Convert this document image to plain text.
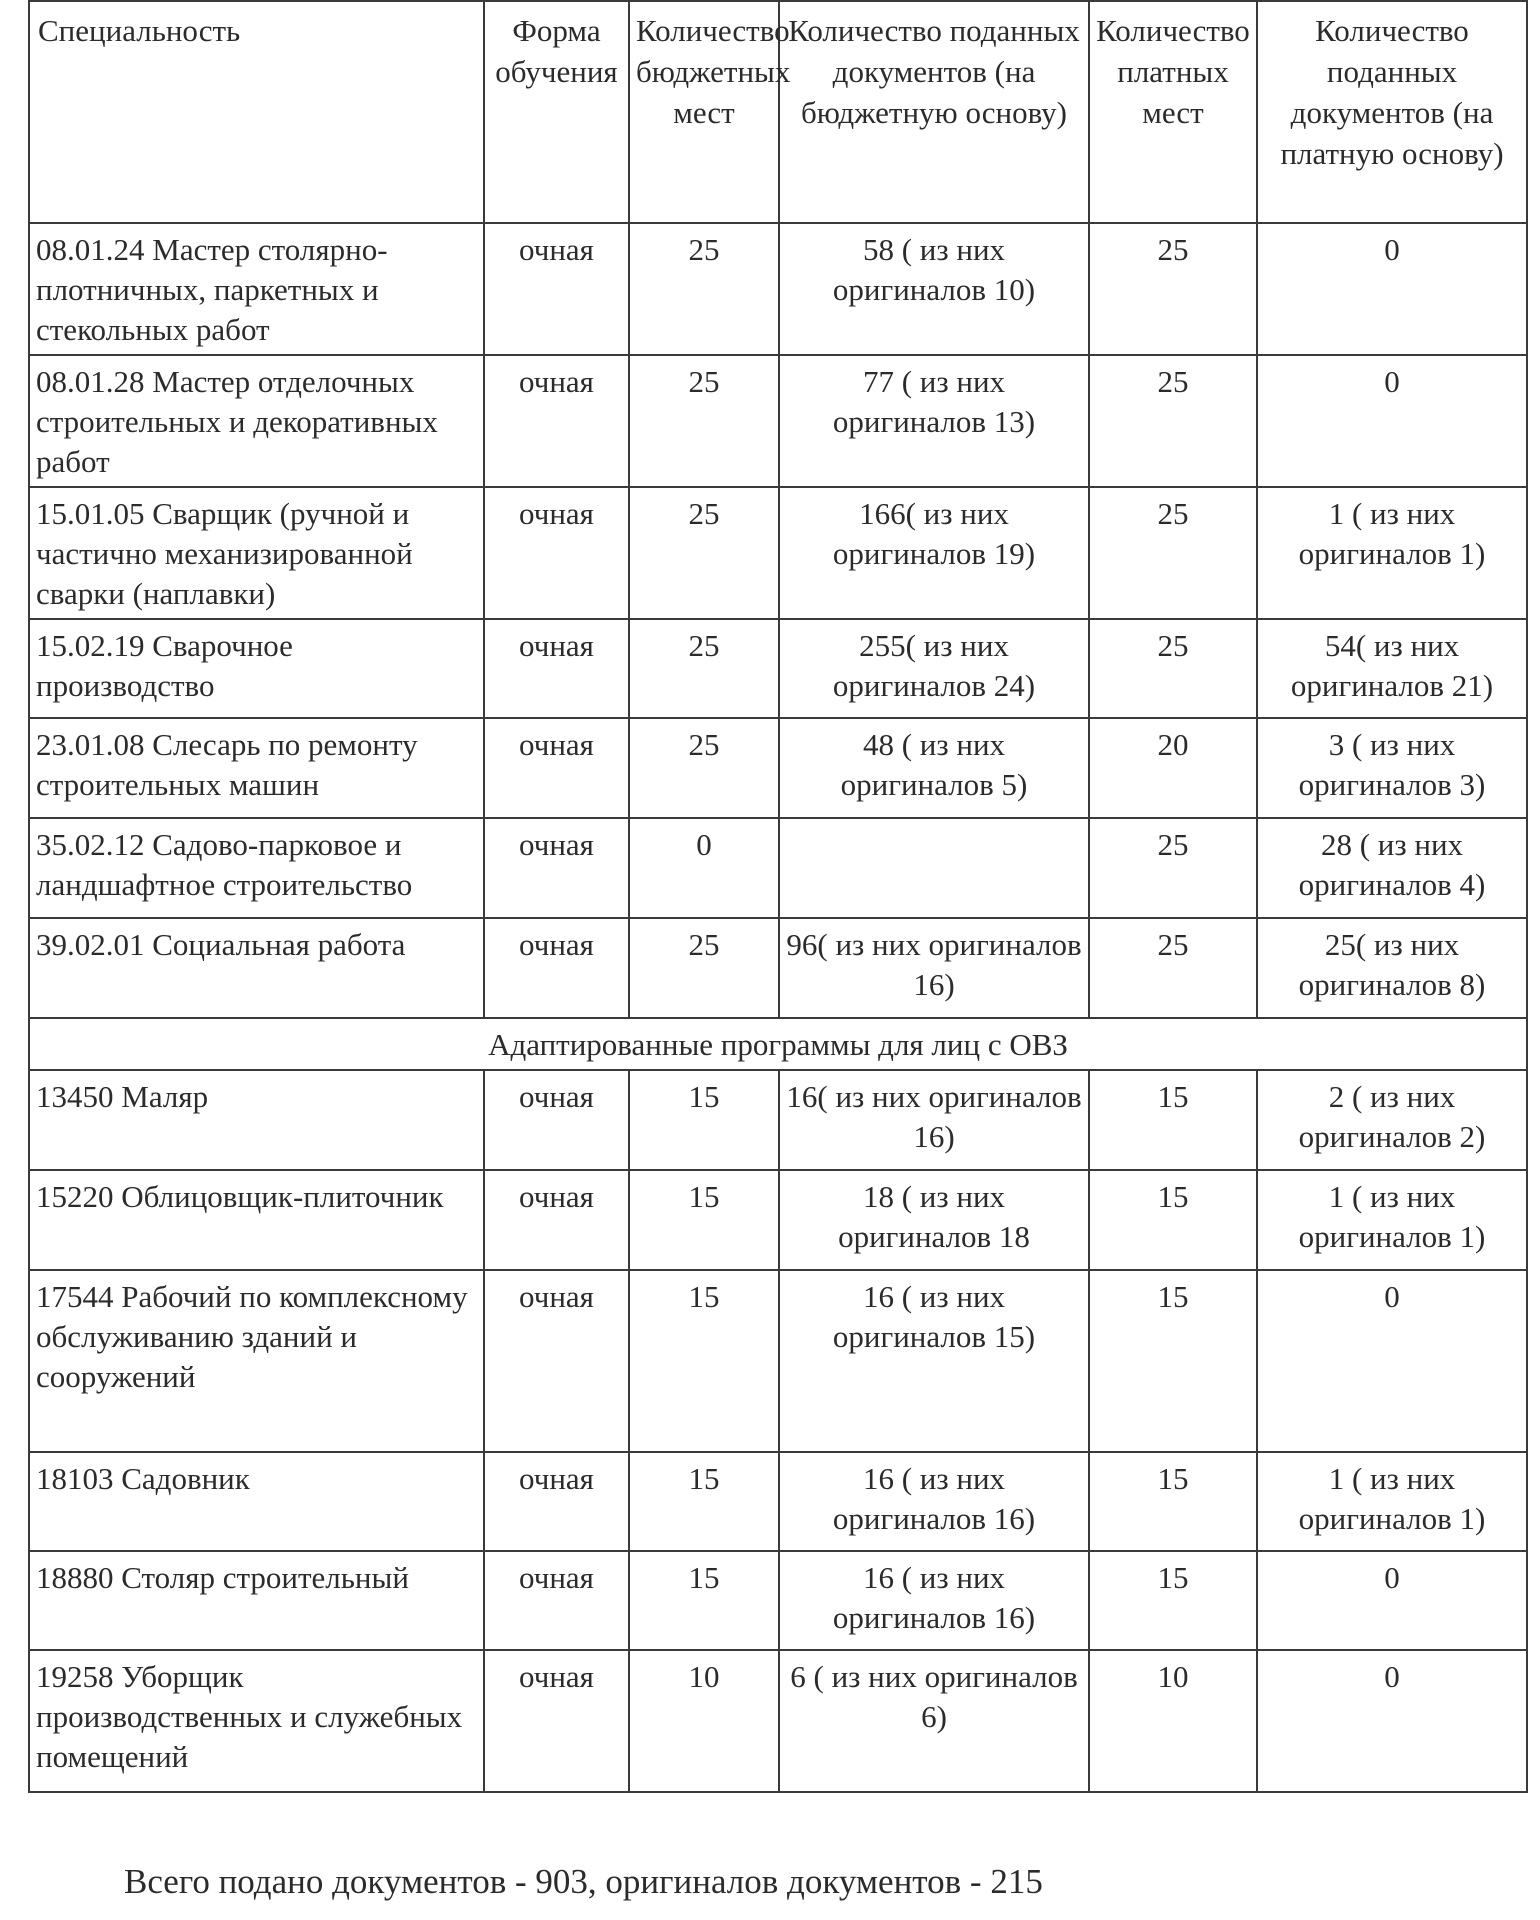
Специальность	Форма обучения	Количество бюджетных мест	Количество поданных документов (на бюджетную основу)	Количество платных мест	Количество поданных документов (на платную основу)
08.01.24 Мастер столярно-плотничных, паркетных и стекольных работ	очная	25	58 ( из них оригиналов 10)	25	0
08.01.28 Мастер отделочных строительных и декоративных работ	очная	25	77 ( из них оригиналов 13)	25	0
15.01.05 Сварщик (ручной и частично механизированной сварки (наплавки)	очная	25	166( из них оригиналов 19)	25	1 ( из них оригиналов 1)
15.02.19 Сварочное производство	очная	25	255( из них оригиналов 24)	25	54( из них оригиналов 21)
23.01.08 Слесарь по ремонту строительных машин	очная	25	48 ( из них оригиналов 5)	20	3 ( из них оригиналов 3)
35.02.12 Садово-парковое и ландшафтное строительство	очная	0		25	28 ( из них оригиналов 4)
39.02.01 Социальная работа	очная	25	96( из них оригиналов 16)	25	25( из них оригиналов 8)
Адаптированные программы для лиц с ОВЗ					
13450 Маляр	очная	15	16( из них оригиналов 16)	15	2 ( из них оригиналов 2)
15220 Облицовщик-плиточник	очная	15	18 ( из них оригиналов 18	15	1 ( из них оригиналов 1)
17544 Рабочий по комплексному обслуживанию зданий и сооружений	очная	15	16 ( из них оригиналов 15)	15	0
18103 Садовник	очная	15	16 ( из них оригиналов 16)	15	1 ( из них оригиналов 1)
18880 Столяр строительный	очная	15	16 ( из них оригиналов 16)	15	0
19258 Уборщик производственных и служебных помещений	очная	10	6 ( из них оригиналов 6)	10	0
Всего подано документов - 903, оригиналов документов - 215
